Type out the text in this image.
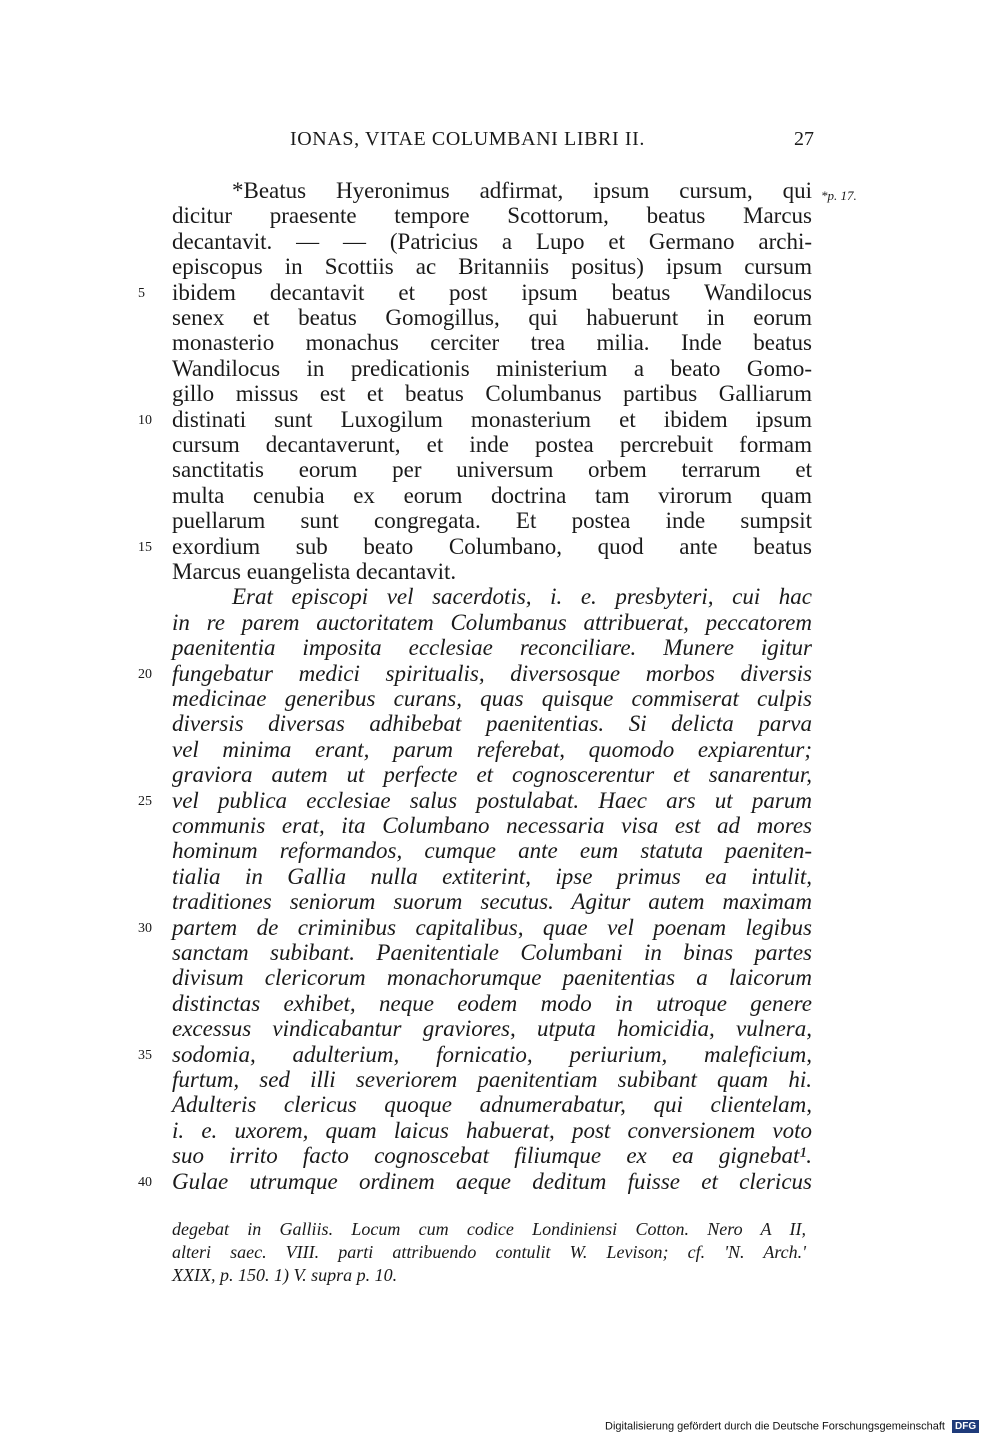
IONAS, VITAE COLUMBANI LIBRI II.	27
*p. 17.
*Beatus Hyeronimus adfirmat, ipsum cursum, qui
dicitur praesente tempore Scottorum, beatus Marcus
decantavit. — — (Patricius a Lupo et Germano archi-
episcopus in Scottiis ac Britanniis positus) ipsum cursum
ibidem decantavit et post ipsum beatus Wandilocus
5
senex et beatus Gomogillus, qui habuerunt in eorum
monasterio monachus cerciter trea milia. Inde beatus
Wandilocus in predicationis ministerium a beato Gomo-
gillo missus est et beatus Columbanus partibus Galliarum
distinati sunt Luxogilum monasterium et ibidem ipsum
10
cursum decantaverunt, et inde postea percrebuit formam
sanctitatis eorum per universum orbem terrarum et
multa cenubia ex eorum doctrina tam virorum quam
puellarum sunt congregata. Et postea inde sumpsit
exordium sub beato Columbano, quod ante beatus
15
Marcus euangelista decantavit.
Erat episcopi vel sacerdotis, i. e. presbyteri, cui hac
in re parem auctoritatem Columbanus attribuerat, peccatorem
paenitentia imposita ecclesiae reconciliare. Munere igitur
fungebatur medici spiritualis, diversosque morbos diversis
20
medicinae generibus curans, quas quisque commiserat culpis
diversis diversas adhibebat paenitentias. Si delicta parva
vel minima erant, parum referebat, quomodo expiarentur;
graviora autem ut perfecte et cognoscerentur et sanarentur,
vel publica ecclesiae salus postulabat. Haec ars ut parum
25
communis erat, ita Columbano necessaria visa est ad mores
hominum reformandos, cumque ante eum statuta paeniten-
tialia in Gallia nulla extiterint, ipse primus ea intulit,
traditiones seniorum suorum secutus. Agitur autem maximam
partem de criminibus capitalibus, quae vel poenam legibus
30
sanctam subibant. Paenitentiale Columbani in binas partes
divisum clericorum monachorumque paenitentias a laicorum
distinctas exhibet, neque eodem modo in utroque genere
excessus vindicabantur graviores, utputa homicidia, vulnera,
sodomia, adulterium, fornicatio, periurium, maleficium,
35
furtum, sed illi severiorem paenitentiam subibant quam hi.
Adulteris clericus quoque adnumerabatur, qui clientelam,
i. e. uxorem, quam laicus habuerat, post conversionem voto
suo irrito facto cognoscebat filiumque ex ea gignebat¹.
Gulae utrumque ordinem aeque deditum fuisse et clericus
40
degebat in Galliis. Locum cum codice Londiniensi Cotton. Nero A II,
alteri saec. VIII. parti attribuendo contulit W. Levison; cf. 'N. Arch.'
XXIX, p. 150. 1) V. supra p. 10.
Digitalisierung gefördert durch die Deutsche Forschungsgemeinschaft DFG
